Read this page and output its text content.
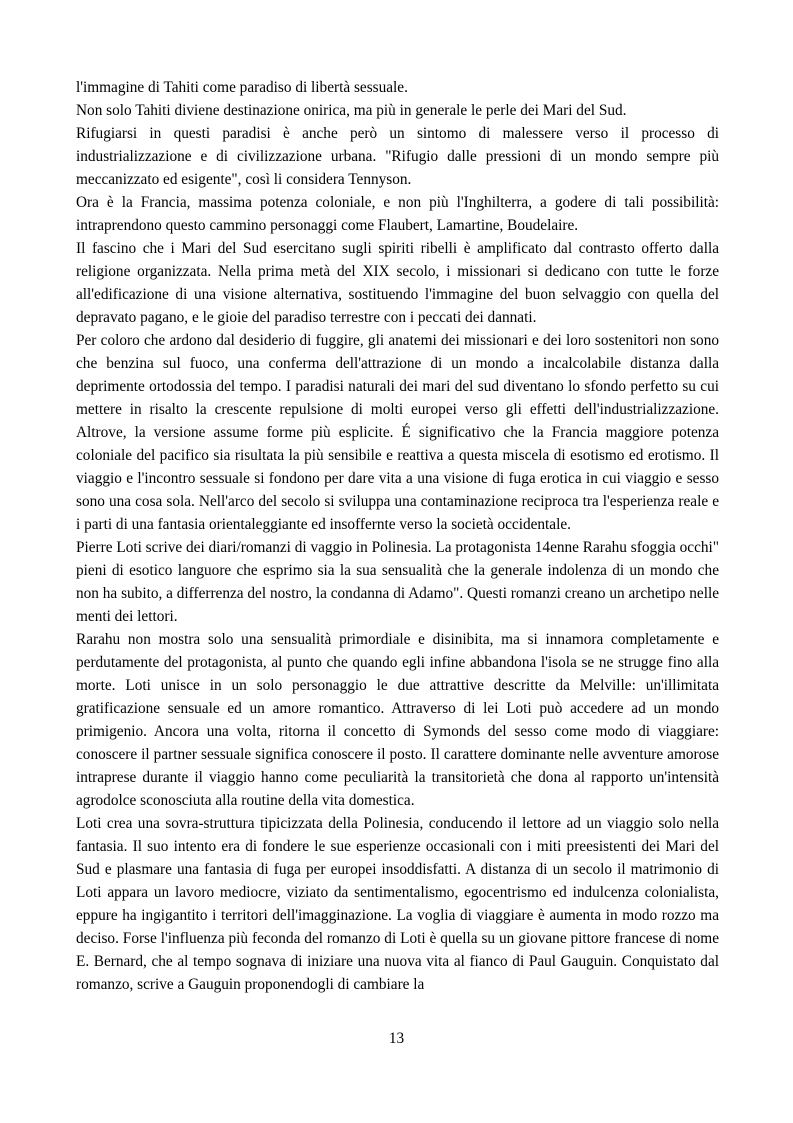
l'immagine di Tahiti come paradiso di libertà sessuale.

Non solo Tahiti diviene destinazione onirica, ma più in generale le perle dei Mari del Sud.

Rifugiarsi in questi paradisi è anche però un sintomo di malessere verso il processo di industrializzazione e di civilizzazione urbana. "Rifugio dalle pressioni di un mondo sempre più meccanizzato ed esigente", così li considera Tennyson.

Ora è la Francia, massima potenza coloniale, e non più l'Inghilterra, a godere di tali possibilità: intraprendono questo cammino personaggi come Flaubert, Lamartine, Boudelaire.

Il fascino che i Mari del Sud esercitano sugli spiriti ribelli è amplificato dal contrasto offerto dalla religione organizzata. Nella prima metà del XIX secolo, i missionari si dedicano con tutte le forze all'edificazione di una visione alternativa, sostituendo l'immagine del buon selvaggio con quella del depravato pagano, e le gioie del paradiso terrestre con i peccati dei dannati.

Per coloro che ardono dal desiderio di fuggire, gli anatemi dei missionari e dei loro sostenitori non sono che benzina sul fuoco, una conferma dell'attrazione di un mondo a incalcolabile distanza dalla deprimente ortodossia del tempo. I paradisi naturali dei mari del sud diventano lo sfondo perfetto su cui mettere in risalto la crescente repulsione di molti europei verso gli effetti dell'industrializzazione. Altrove, la versione assume forme più esplicite. É significativo che la Francia maggiore potenza coloniale del pacifico sia risultata la più sensibile e reattiva a questa miscela di esotismo ed erotismo. Il viaggio e l'incontro sessuale si fondono per dare vita a una visione di fuga erotica in cui viaggio e sesso sono una cosa sola. Nell'arco del secolo si sviluppa una contaminazione reciproca tra l'esperienza reale e i parti di una fantasia orientaleggiante ed insoffernte verso la società occidentale.

Pierre Loti scrive dei diari/romanzi di vaggio in Polinesia. La protagonista 14enne Rarahu sfoggia occhi" pieni di esotico languore che esprimo sia la sua sensualità che la generale indolenza di un mondo che non ha subito, a differrenza del nostro, la condanna di Adamo". Questi romanzi creano un archetipo nelle menti dei lettori.

Rarahu non mostra solo una sensualità primordiale e disinibita, ma si innamora completamente e perdutamente del protagonista, al punto che quando egli infine abbandona l'isola se ne strugge fino alla morte. Loti unisce in un solo personaggio le due attrattive descritte da Melville: un'illimitata gratificazione sensuale ed un amore romantico. Attraverso di lei Loti può accedere ad un mondo primigenio. Ancora una volta, ritorna il concetto di Symonds del sesso come modo di viaggiare: conoscere il partner sessuale significa conoscere il posto. Il carattere dominante nelle avventure amorose intraprese durante il viaggio hanno come peculiarità la transitorietà che dona al rapporto un'intensità agrodolce sconosciuta alla routine della vita domestica.

Loti crea una sovra-struttura tipicizzata della Polinesia, conducendo il lettore ad un viaggio solo nella fantasia. Il suo intento era di fondere le sue esperienze occasionali con i miti preesistenti dei Mari del Sud e plasmare una fantasia di fuga per europei insoddisfatti. A distanza di un secolo il matrimonio di Loti appara un lavoro mediocre, viziato da sentimentalismo, egocentrismo ed indulcenza colonialista, eppure ha ingigantito i territori dell'imagginazione. La voglia di viaggiare è aumenta in modo rozzo ma deciso. Forse l'influenza più feconda del romanzo di Loti è quella su un giovane pittore francese di nome E. Bernard, che al tempo sognava di iniziare una nuova vita al fianco di Paul Gauguin. Conquistato dal romanzo, scrive a Gauguin proponendogli di cambiare la

13
